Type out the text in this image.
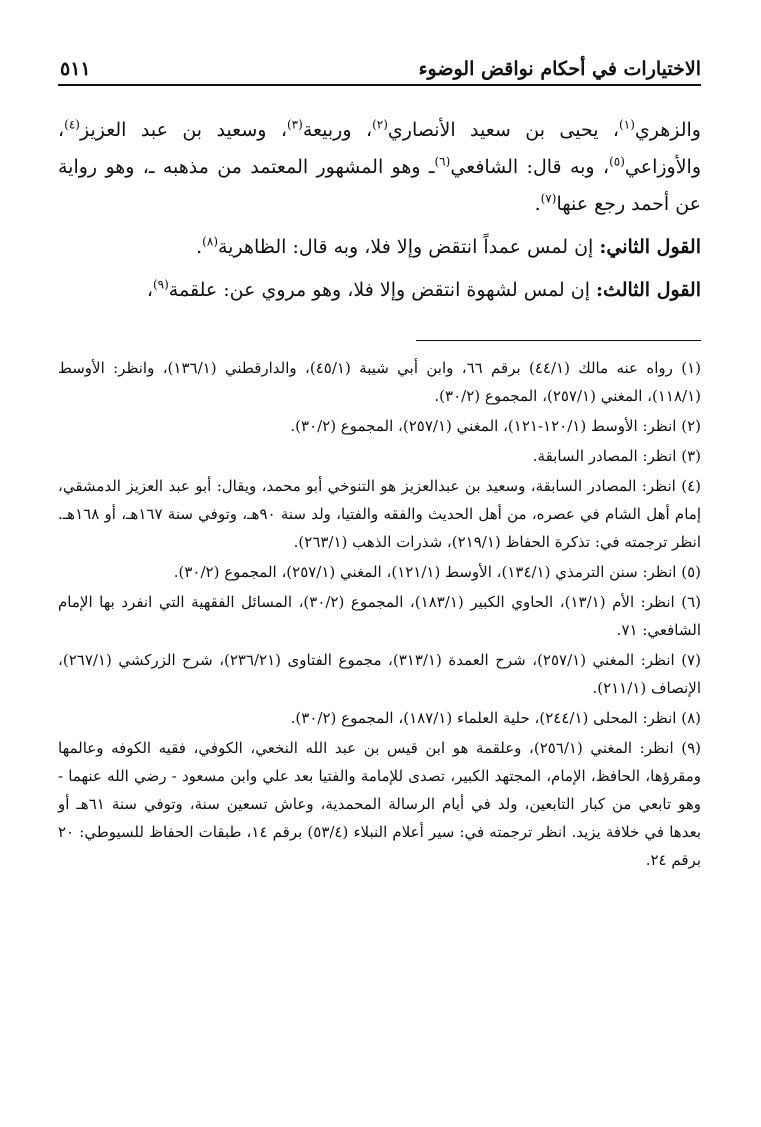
الاختيارات في أحكام نواقض الوضوء
٥١١

والزهري$^{(١)}$، يحيى بن سعيد الأنصاري$^{(٢)}$، وربيعة$^{(٣)}$، وسعيد بن عبد العزيز$^{(٤)}$، والأوزاعي$^{(٥)}$، وبه قال: الشافعي$^{(٦)}$ـ وهو المشهور المعتمد من مذهبه ـ، وهو رواية عن أحمد رجع عنها$^{(٧)}$.

القول الثاني: إن لمس عمداً انتقض وإلا فلا، وبه قال: الظاهرية$^{(٨)}$.

القول الثالث: إن لمس لشهوة انتقض وإلا فلا، وهو مروي عن: علقمة$^{(٩)}$،

(١) رواه عنه مالك (٤٤/١) برقم ٦٦، وابن أبي شيبة (٤٥/١)، والدارقطني (١٣٦/١)، وانظر: الأوسط (١١٨/١)، المغني (٢٥٧/١)، المجموع (٣٠/٢).

(٢) انظر: الأوسط (١٢٠/١-١٢١)، المغني (٢٥٧/١)، المجموع (٣٠/٢).

(٣) انظر: المصادر السابقة.

(٤) انظر: المصادر السابقة، وسعيد بن عبدالعزيز هو التنوخي أبو محمد، ويقال: أبو عبد العزيز الدمشقي، إمام أهل الشام في عصره، من أهل الحديث والفقه والفتيا، ولد سنة ٩٠هـ، وتوفي سنة ١٦٧هـ، أو ١٦٨هـ. انظر ترجمته في: تذكرة الحفاظ (٢١٩/١)، شذرات الذهب (٢٦٣/١).

(٥) انظر: سنن الترمذي (١٣٤/١)، الأوسط (١٢١/١)، المغني (٢٥٧/١)، المجموع (٣٠/٢).

(٦) انظر: الأم (١٣/١)، الحاوي الكبير (١٨٣/١)، المجموع (٣٠/٢)، المسائل الفقهية التي انفرد بها الإمام الشافعي: ٧١.

(٧) انظر: المغني (٢٥٧/١)، شرح العمدة (٣١٣/١)، مجموع الفتاوى (٢٣٦/٢١)، شرح الزركشي (٢٦٧/١)، الإنصاف (٢١١/١).

(٨) انظر: المحلى (٢٤٤/١)، حلية العلماء (١٨٧/١)، المجموع (٣٠/٢).

(٩) انظر: المغني (٢٥٦/١)، وعلقمة هو ابن قيس بن عبد الله النخعي، الكوفي، فقيه الكوفه وعالمها ومقرؤها، الحافظ، الإمام، المجتهد الكبير، تصدى للإمامة والفتيا بعد علي وابن مسعود - رضي الله عنهما - وهو تابعي من كبار التابعين، ولد في أيام الرسالة المحمدية، وعاش تسعين سنة، وتوفي سنة ٦١هـ أو بعدها في خلافة يزيد. انظر ترجمته في: سير أعلام النبلاء (٥٣/٤) برقم ١٤، طبقات الحفاظ للسيوطي: ٢٠ برقم ٢٤.
